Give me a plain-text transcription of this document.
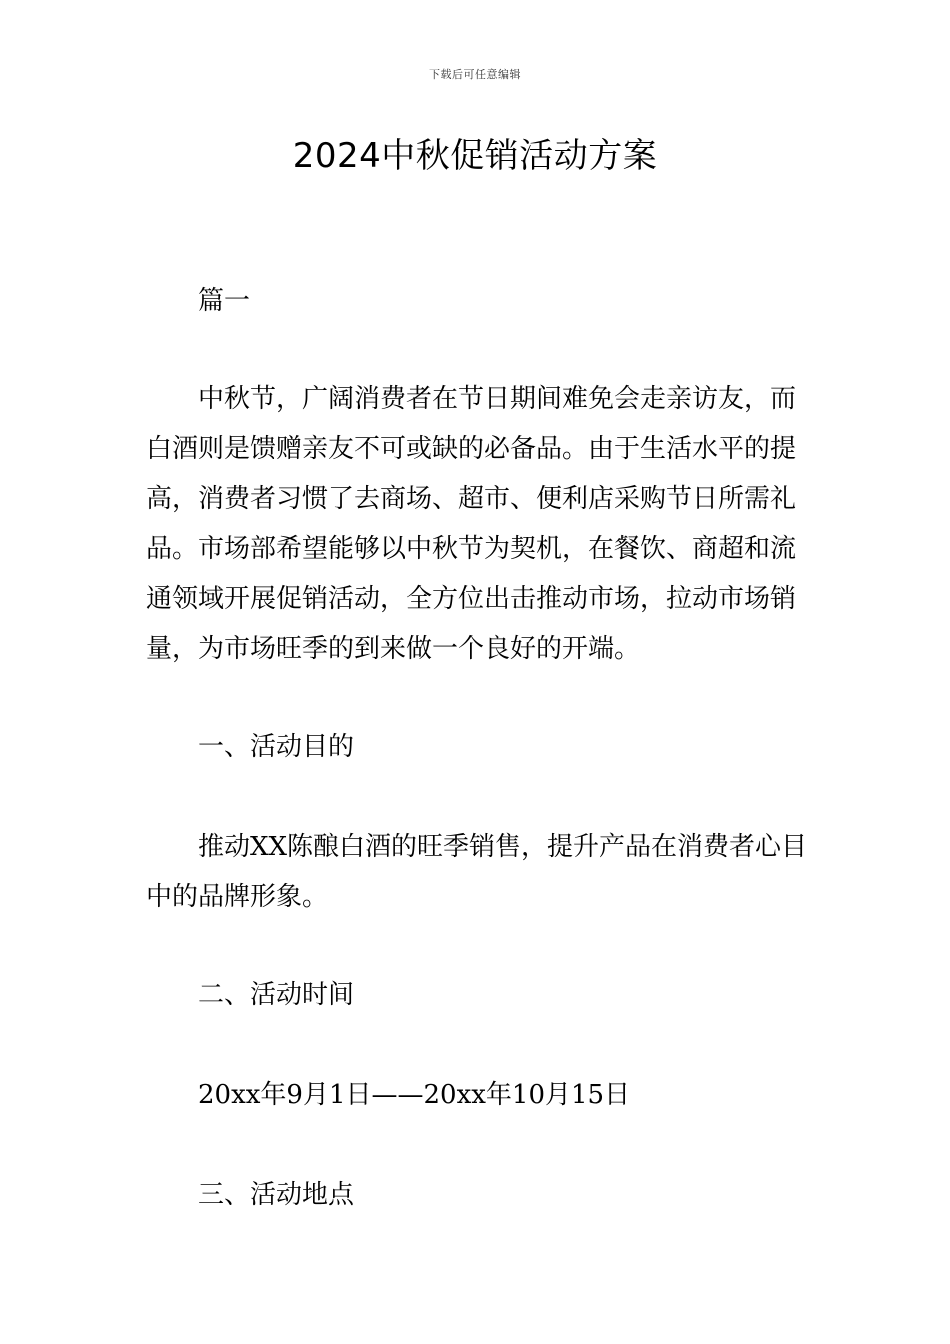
下载后可任意编辑
2024中秋促销活动方案

篇一

中秋节，广阔消费者在节日期间难免会走亲访友，而
白酒则是馈赠亲友不可或缺的必备品。由于生活水平的提
高，消费者习惯了去商场、超市、便利店采购节日所需礼
品。市场部希望能够以中秋节为契机，在餐饮、商超和流
通领域开展促销活动，全方位出击推动市场，拉动市场销
量，为市场旺季的到来做一个良好的开端。

一、活动目的

推动XX陈酿白酒的旺季销售，提升产品在消费者心目
中的品牌形象。

二、活动时间

20xx年9月1日——20xx年10月15日

三、活动地点
